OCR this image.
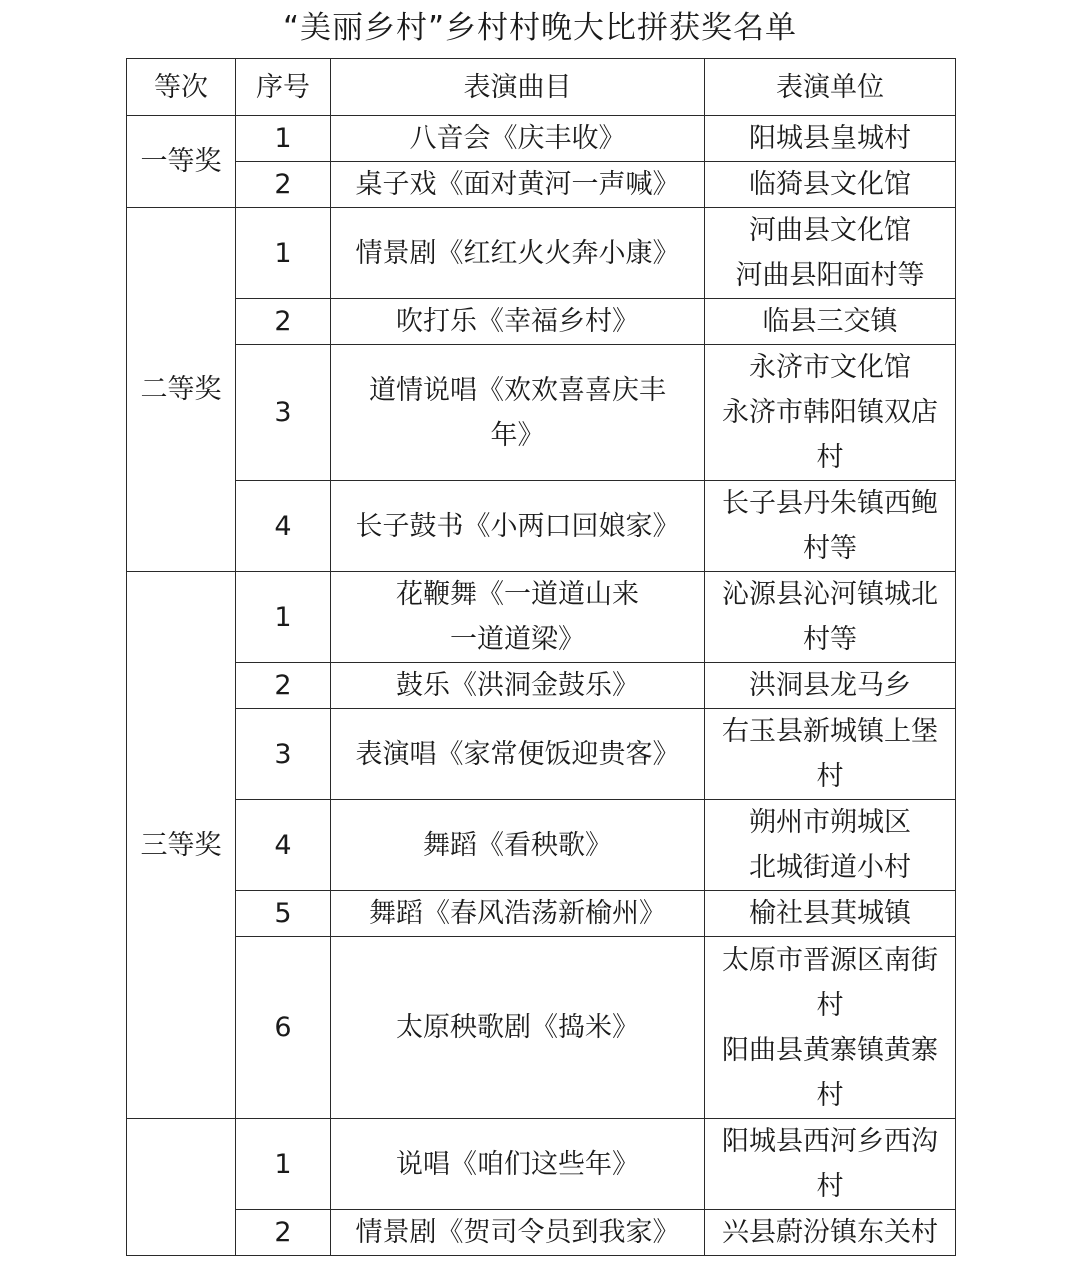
“美丽乡村”乡村村晚大比拼获奖名单
等次	序号	表演曲目	表演单位
一等奖	1	八音会《庆丰收》	阳城县皇城村
	2	桌子戏《面对黄河一声喊》	临猗县文化馆
二等奖	1	情景剧《红红火火奔小康》	河曲县文化馆
河曲县阳面村等
	2	吹打乐《幸福乡村》	临县三交镇
	3	道情说唱《欢欢喜喜庆丰
年》	永济市文化馆
永济市韩阳镇双店
村
	4	长子鼓书《小两口回娘家》	长子县丹朱镇西鲍
村等
三等奖	1	花鞭舞《一道道山来
一道道梁》	沁源县沁河镇城北
村等
	2	鼓乐《洪洞金鼓乐》	洪洞县龙马乡
	3	表演唱《家常便饭迎贵客》	右玉县新城镇上堡
村
	4	舞蹈《看秧歌》	朔州市朔城区
北城街道小村
	5	舞蹈《春风浩荡新榆州》	榆社县萁城镇
	6	太原秧歌剧《捣米》	太原市晋源区南街
村
阳曲县黄寨镇黄寨
村
	1	说唱《咱们这些年》	阳城县西河乡西沟
村
	2	情景剧《贺司令员到我家》	兴县蔚汾镇东关村
